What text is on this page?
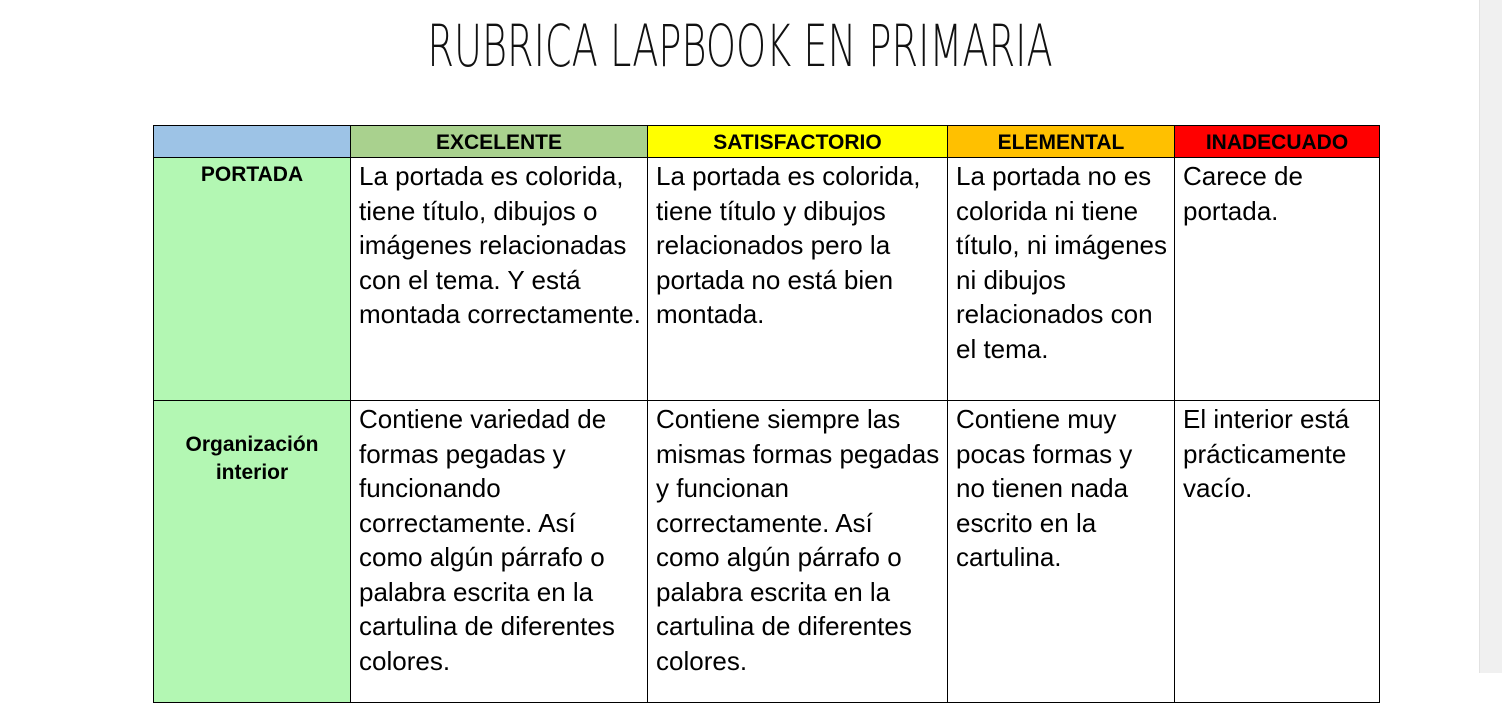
RUBRICA LAPBOOK EN PRIMARIA

	EXCELENTE	SATISFACTORIO	ELEMENTAL	INADECUADO

PORTADA	La portada es colorida, tiene título, dibujos o imágenes relacionadas con el tema. Y está montada correctamente.	La portada es colorida, tiene título y dibujos relacionados pero la portada no está bien montada.	La portada no es colorida ni tiene título, ni imágenes ni dibujos relacionados con el tema.	Carece de portada.

Organización interior	Contiene variedad de formas pegadas y funcionando correctamente. Así como algún párrafo o palabra escrita en la cartulina de diferentes colores.	Contiene siempre las mismas formas pegadas y funcionan correctamente. Así como algún párrafo o palabra escrita en la cartulina de diferentes colores.	Contiene muy pocas formas y no tienen nada escrito en la cartulina.	El interior está prácticamente vacío.
